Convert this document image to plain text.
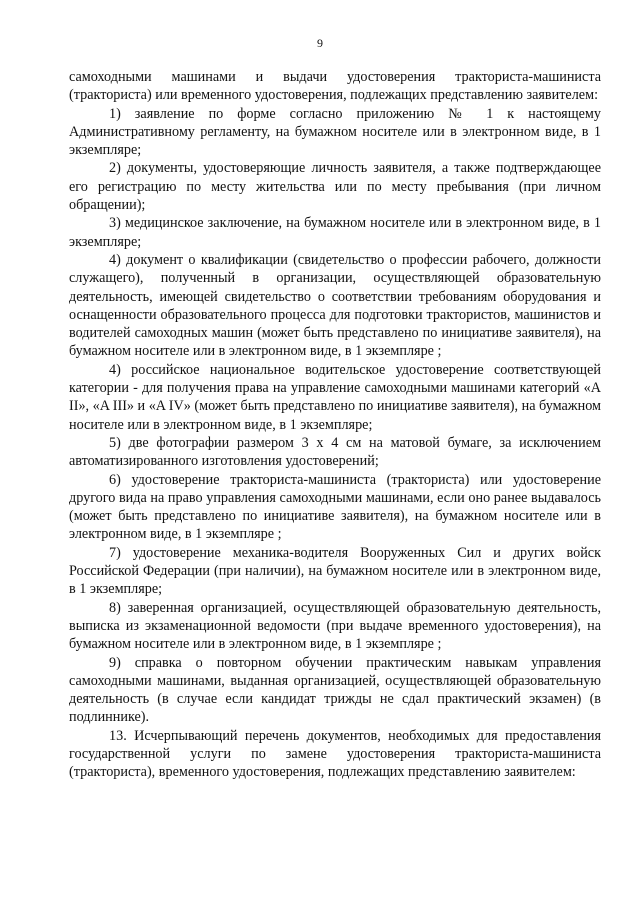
9

самоходными машинами и выдачи удостоверения тракториста-машиниста (тракториста) или временного удостоверения, подлежащих представлению заявителем:

1) заявление по форме согласно приложению № 1 к настоящему Административному регламенту, на бумажном носителе или в электронном виде, в 1 экземпляре;

2) документы, удостоверяющие личность заявителя, а также подтверждающее его регистрацию по месту жительства или по месту пребывания (при личном обращении);

3) медицинское заключение, на бумажном носителе или в электронном виде, в 1 экземпляре;

4) документ о квалификации (свидетельство о профессии рабочего, должности служащего), полученный в организации, осуществляющей образовательную деятельность, имеющей свидетельство о соответствии требованиям оборудования и оснащенности образовательного процесса для подготовки трактористов, машинистов и водителей самоходных машин (может быть представлено по инициативе заявителя), на бумажном носителе или в электронном виде, в 1 экземпляре ;

4) российское национальное водительское удостоверение соответствующей категории - для получения права на управление самоходными машинами категорий «A II», «A III» и «A IV» (может быть представлено по инициативе заявителя), на бумажном носителе или в электронном виде, в 1 экземпляре;

5) две фотографии размером 3 х 4 см на матовой бумаге, за исключением автоматизированного изготовления удостоверений;

6) удостоверение тракториста-машиниста (тракториста) или удостоверение другого вида на право управления самоходными машинами, если оно ранее выдавалось (может быть представлено по инициативе заявителя), на бумажном носителе или в электронном виде, в 1 экземпляре ;

7) удостоверение механика-водителя Вооруженных Сил и других войск Российской Федерации (при наличии), на бумажном носителе или в электронном виде, в 1 экземпляре;

8) заверенная организацией, осуществляющей образовательную деятельность, выписка из экзаменационной ведомости (при выдаче временного удостоверения), на бумажном носителе или в электронном виде, в 1 экземпляре ;

9) справка о повторном обучении практическим навыкам управления самоходными машинами, выданная организацией, осуществляющей образовательную деятельность (в случае если кандидат трижды не сдал практический экзамен) (в подлиннике).

13. Исчерпывающий перечень документов, необходимых для предоставления государственной услуги по замене удостоверения тракториста-машиниста (тракториста), временного удостоверения, подлежащих представлению заявителем:
